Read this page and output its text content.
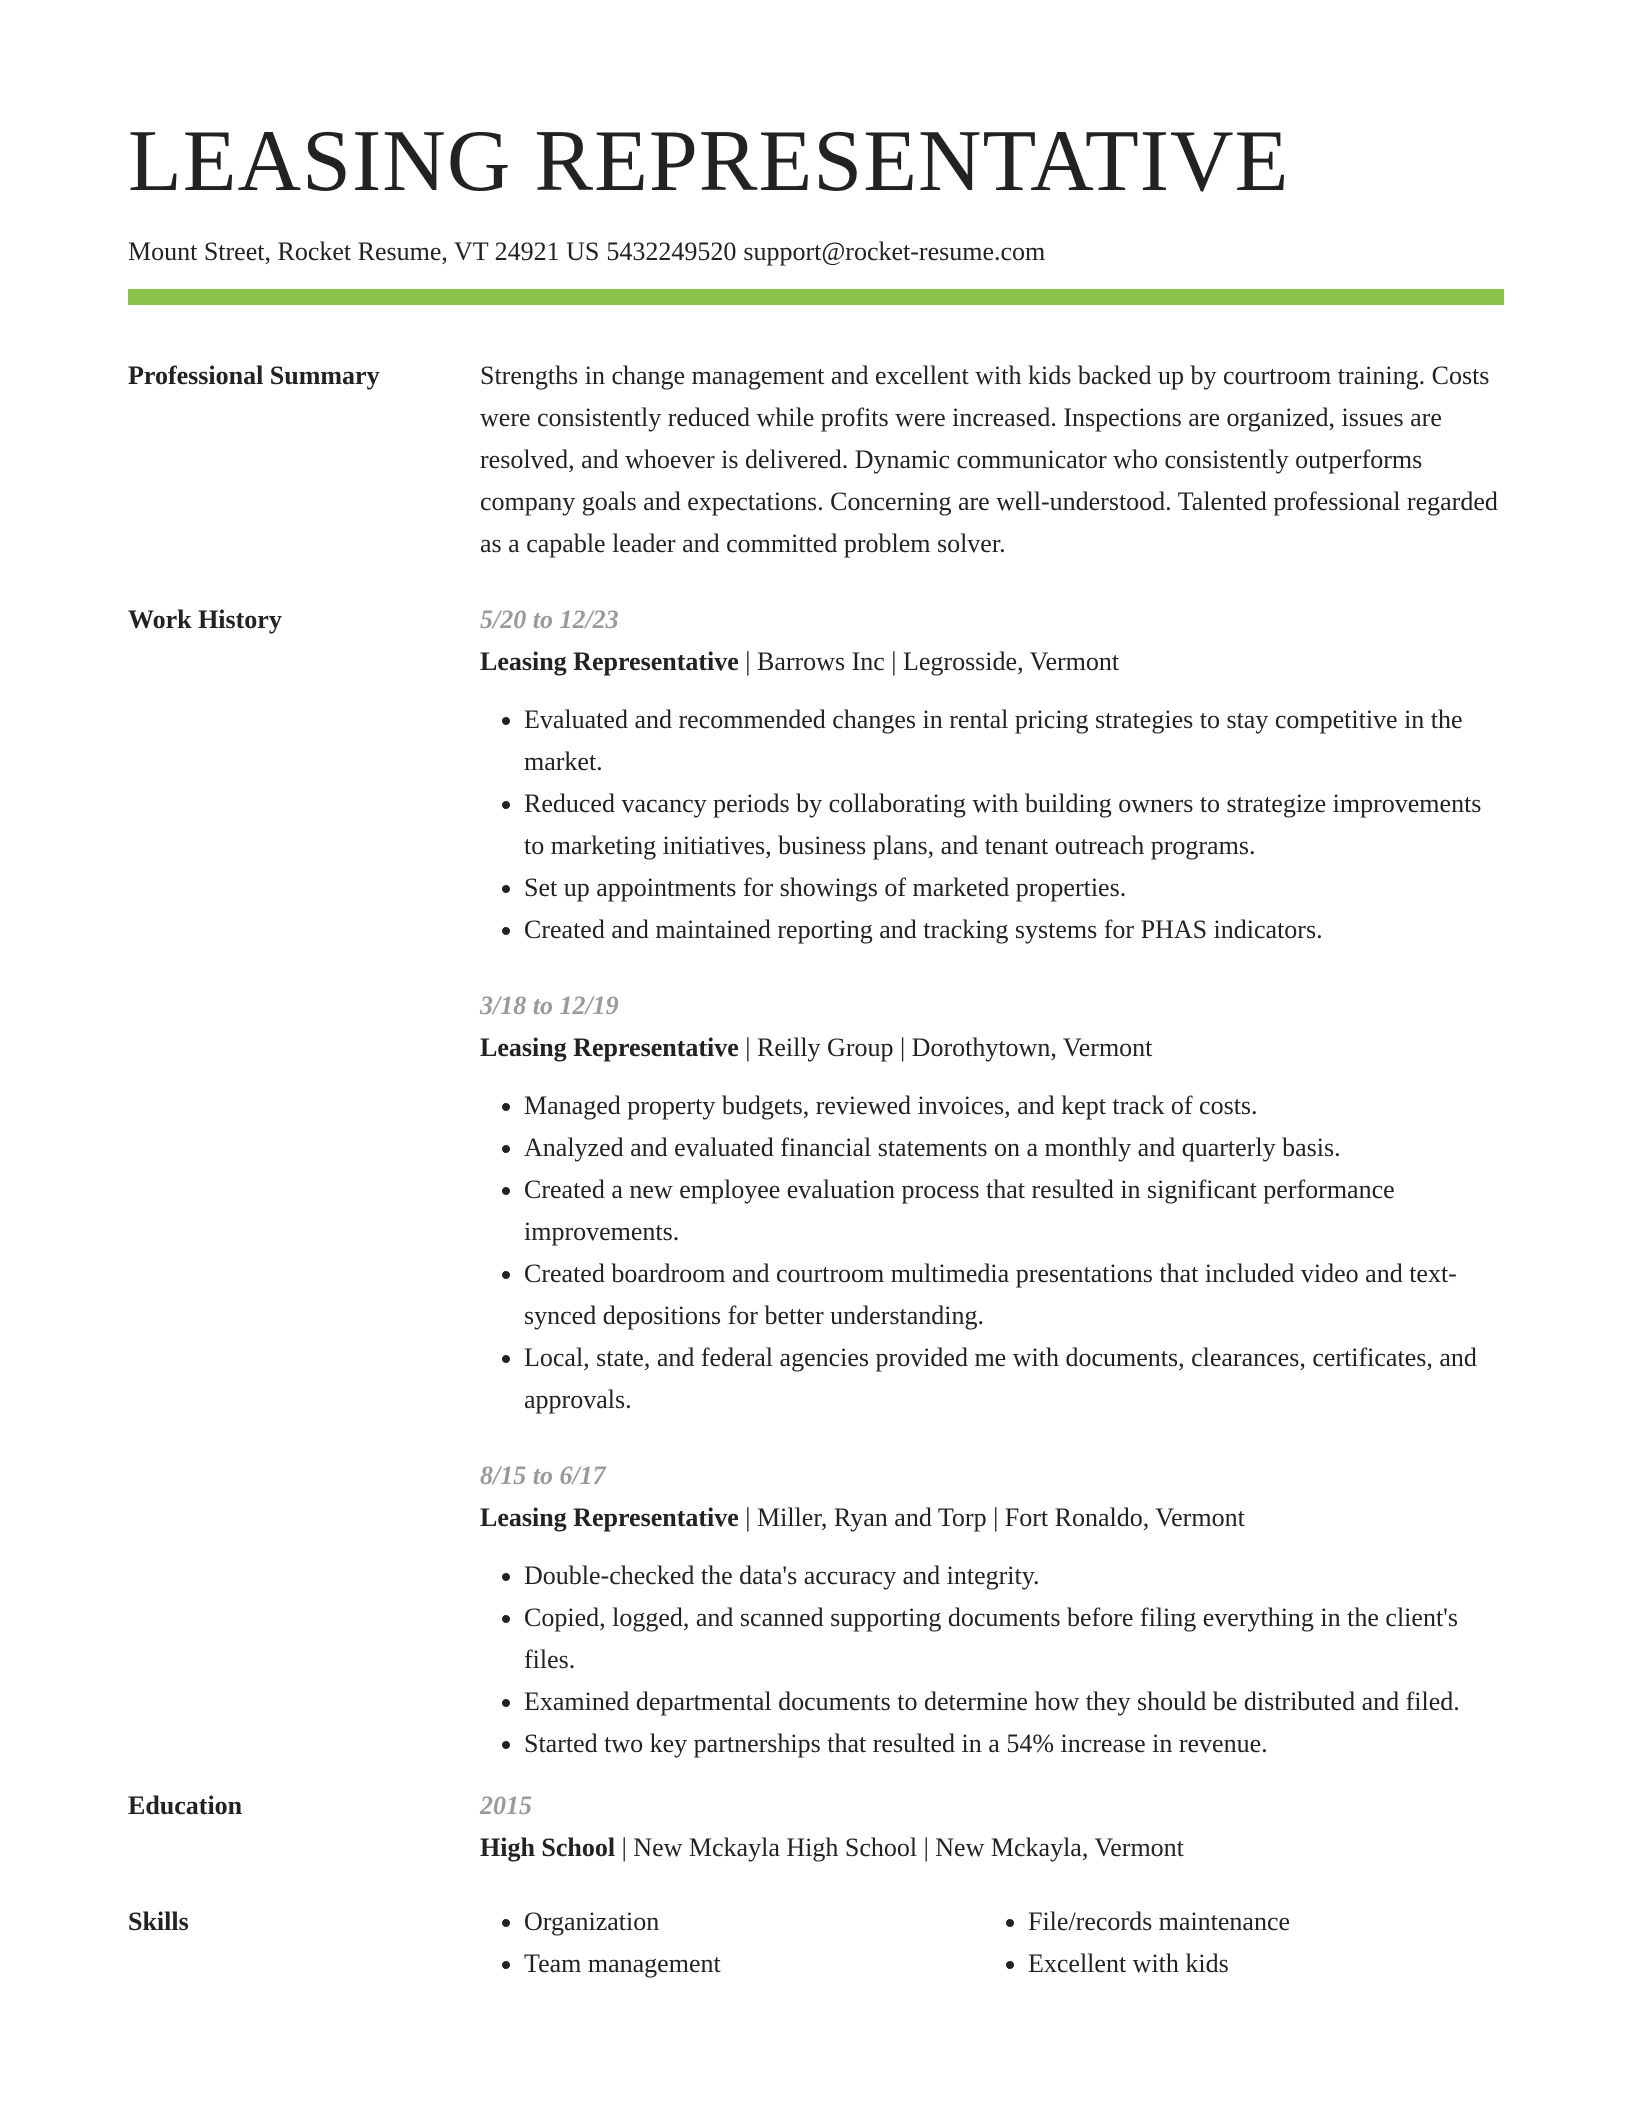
LEASING REPRESENTATIVE
Mount Street, Rocket Resume, VT 24921 US 5432249520 support@rocket-resume.com
Professional Summary	Strengths in change management and excellent with kids backed up by courtroom training. Costs were consistently reduced while profits were increased. Inspections are organized, issues are resolved, and whoever is delivered. Dynamic communicator who consistently outperforms company goals and expectations. Concerning are well-understood. Talented professional regarded as a capable leader and committed problem solver.
Work History	5/20 to 12/23
Leasing Representative | Barrows Inc | Legrosside, Vermont
• Evaluated and recommended changes in rental pricing strategies to stay competitive in the market.
• Reduced vacancy periods by collaborating with building owners to strategize improvements to marketing initiatives, business plans, and tenant outreach programs.
• Set up appointments for showings of marketed properties.
• Created and maintained reporting and tracking systems for PHAS indicators.
3/18 to 12/19
Leasing Representative | Reilly Group | Dorothytown, Vermont
• Managed property budgets, reviewed invoices, and kept track of costs.
• Analyzed and evaluated financial statements on a monthly and quarterly basis.
• Created a new employee evaluation process that resulted in significant performance improvements.
• Created boardroom and courtroom multimedia presentations that included video and text-synced depositions for better understanding.
• Local, state, and federal agencies provided me with documents, clearances, certificates, and approvals.
8/15 to 6/17
Leasing Representative | Miller, Ryan and Torp | Fort Ronaldo, Vermont
• Double-checked the data's accuracy and integrity.
• Copied, logged, and scanned supporting documents before filing everything in the client's files.
• Examined departmental documents to determine how they should be distributed and filed.
• Started two key partnerships that resulted in a 54% increase in revenue.
Education	2015
High School | New Mckayla High School | New Mckayla, Vermont
Skills
•	Organization
• Team management
• File/records maintenance
• Excellent with kids
